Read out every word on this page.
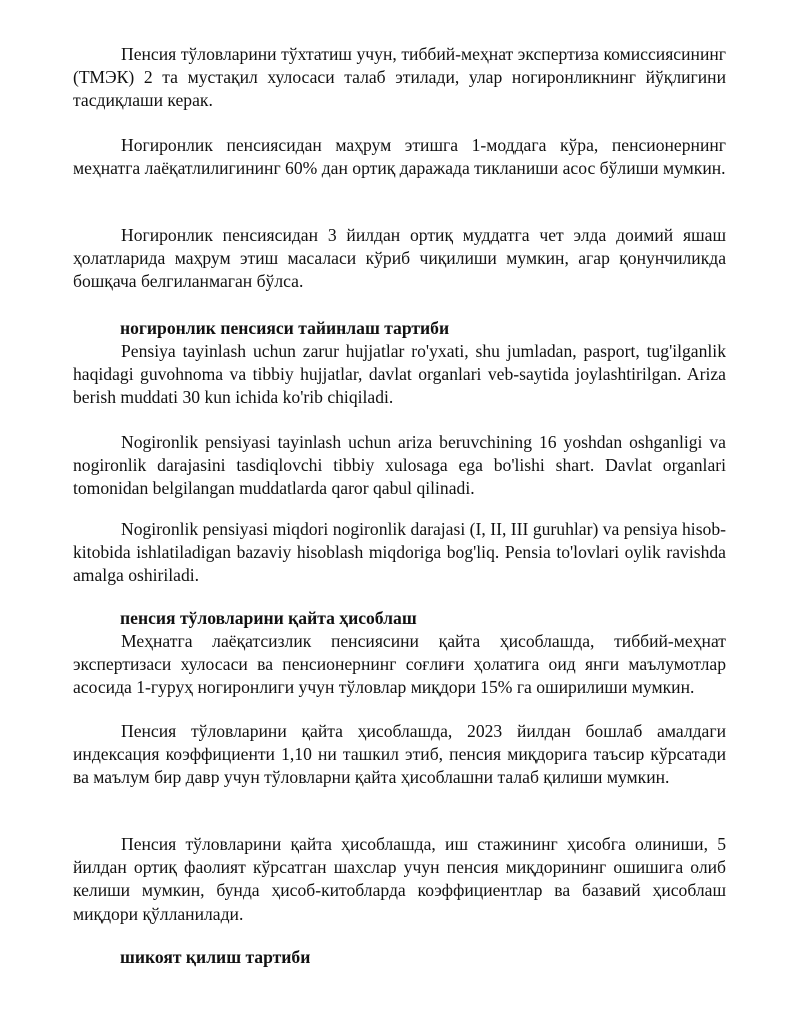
Пенсия тўловларини тўхтатиш учун, тиббий-меҳнат экспертиза комиссиясининг (ТМЭК) 2 та мустақил хулосаси талаб этилади, улар ногиронликнинг йўқлигини тасдиқлаши керак.

Ногиронлик пенсиясидан маҳрум этишга 1-моддага кўра, пенсионернинг меҳнатга лаёқатлилигининг 60% дан ортиқ даражада тикланиши асос бўлиши мумкин.

Ногиронлик пенсиясидан 3 йилдан ортиқ муддатга чет элда доимий яшаш ҳолатларида маҳрум этиш масаласи кўриб чиқилиши мумкин, агар қонунчиликда бошқача белгиланмаган бўлса.

ногиронлик пенсияси тайинлаш тартиби

Pensiya tayinlash uchun zarur hujjatlar ro'yxati, shu jumladan, pasport, tug'ilganlik haqidagi guvohnoma va tibbiy hujjatlar, davlat organlari veb-saytida joylashtirilgan. Ariza berish muddati 30 kun ichida ko'rib chiqiladi.

Nogironlik pensiyasi tayinlash uchun ariza beruvchining 16 yoshdan oshganligi va nogironlik darajasini tasdiqlovchi tibbiy xulosaga ega bo'lishi shart. Davlat organlari tomonidan belgilangan muddatlarda qaror qabul qilinadi.

Nogironlik pensiyasi miqdori nogironlik darajasi (I, II, III guruhlar) va pensiya hisob-kitobida ishlatiladigan bazaviy hisoblash miqdoriga bog'liq. Pensia to'lovlari oylik ravishda amalga oshiriladi.

пенсия тўловларини қайта ҳисоблаш

Меҳнатга лаёқатсизлик пенсиясини қайта ҳисоблашда, тиббий-меҳнат экспертизаси хулосаси ва пенсионернинг соғлиғи ҳолатига оид янги маълумотлар асосида 1-гуруҳ ногиронлиги учун тўловлар миқдори 15% га оширилиши мумкин.

Пенсия тўловларини қайта ҳисоблашда, 2023 йилдан бошлаб амалдаги индексация коэффициенти 1,10 ни ташкил этиб, пенсия миқдорига таъсир кўрсатади ва маълум бир давр учун тўловларни қайта ҳисоблашни талаб қилиши мумкин.

Пенсия тўловларини қайта ҳисоблашда, иш стажининг ҳисобга олиниши, 5 йилдан ортиқ фаолият кўрсатган шахслар учун пенсия миқдорининг ошишига олиб келиши мумкин, бунда ҳисоб-китобларда коэффициентлар ва базавий ҳисоблаш миқдори қўлланилади.

шикоят қилиш тартиби
